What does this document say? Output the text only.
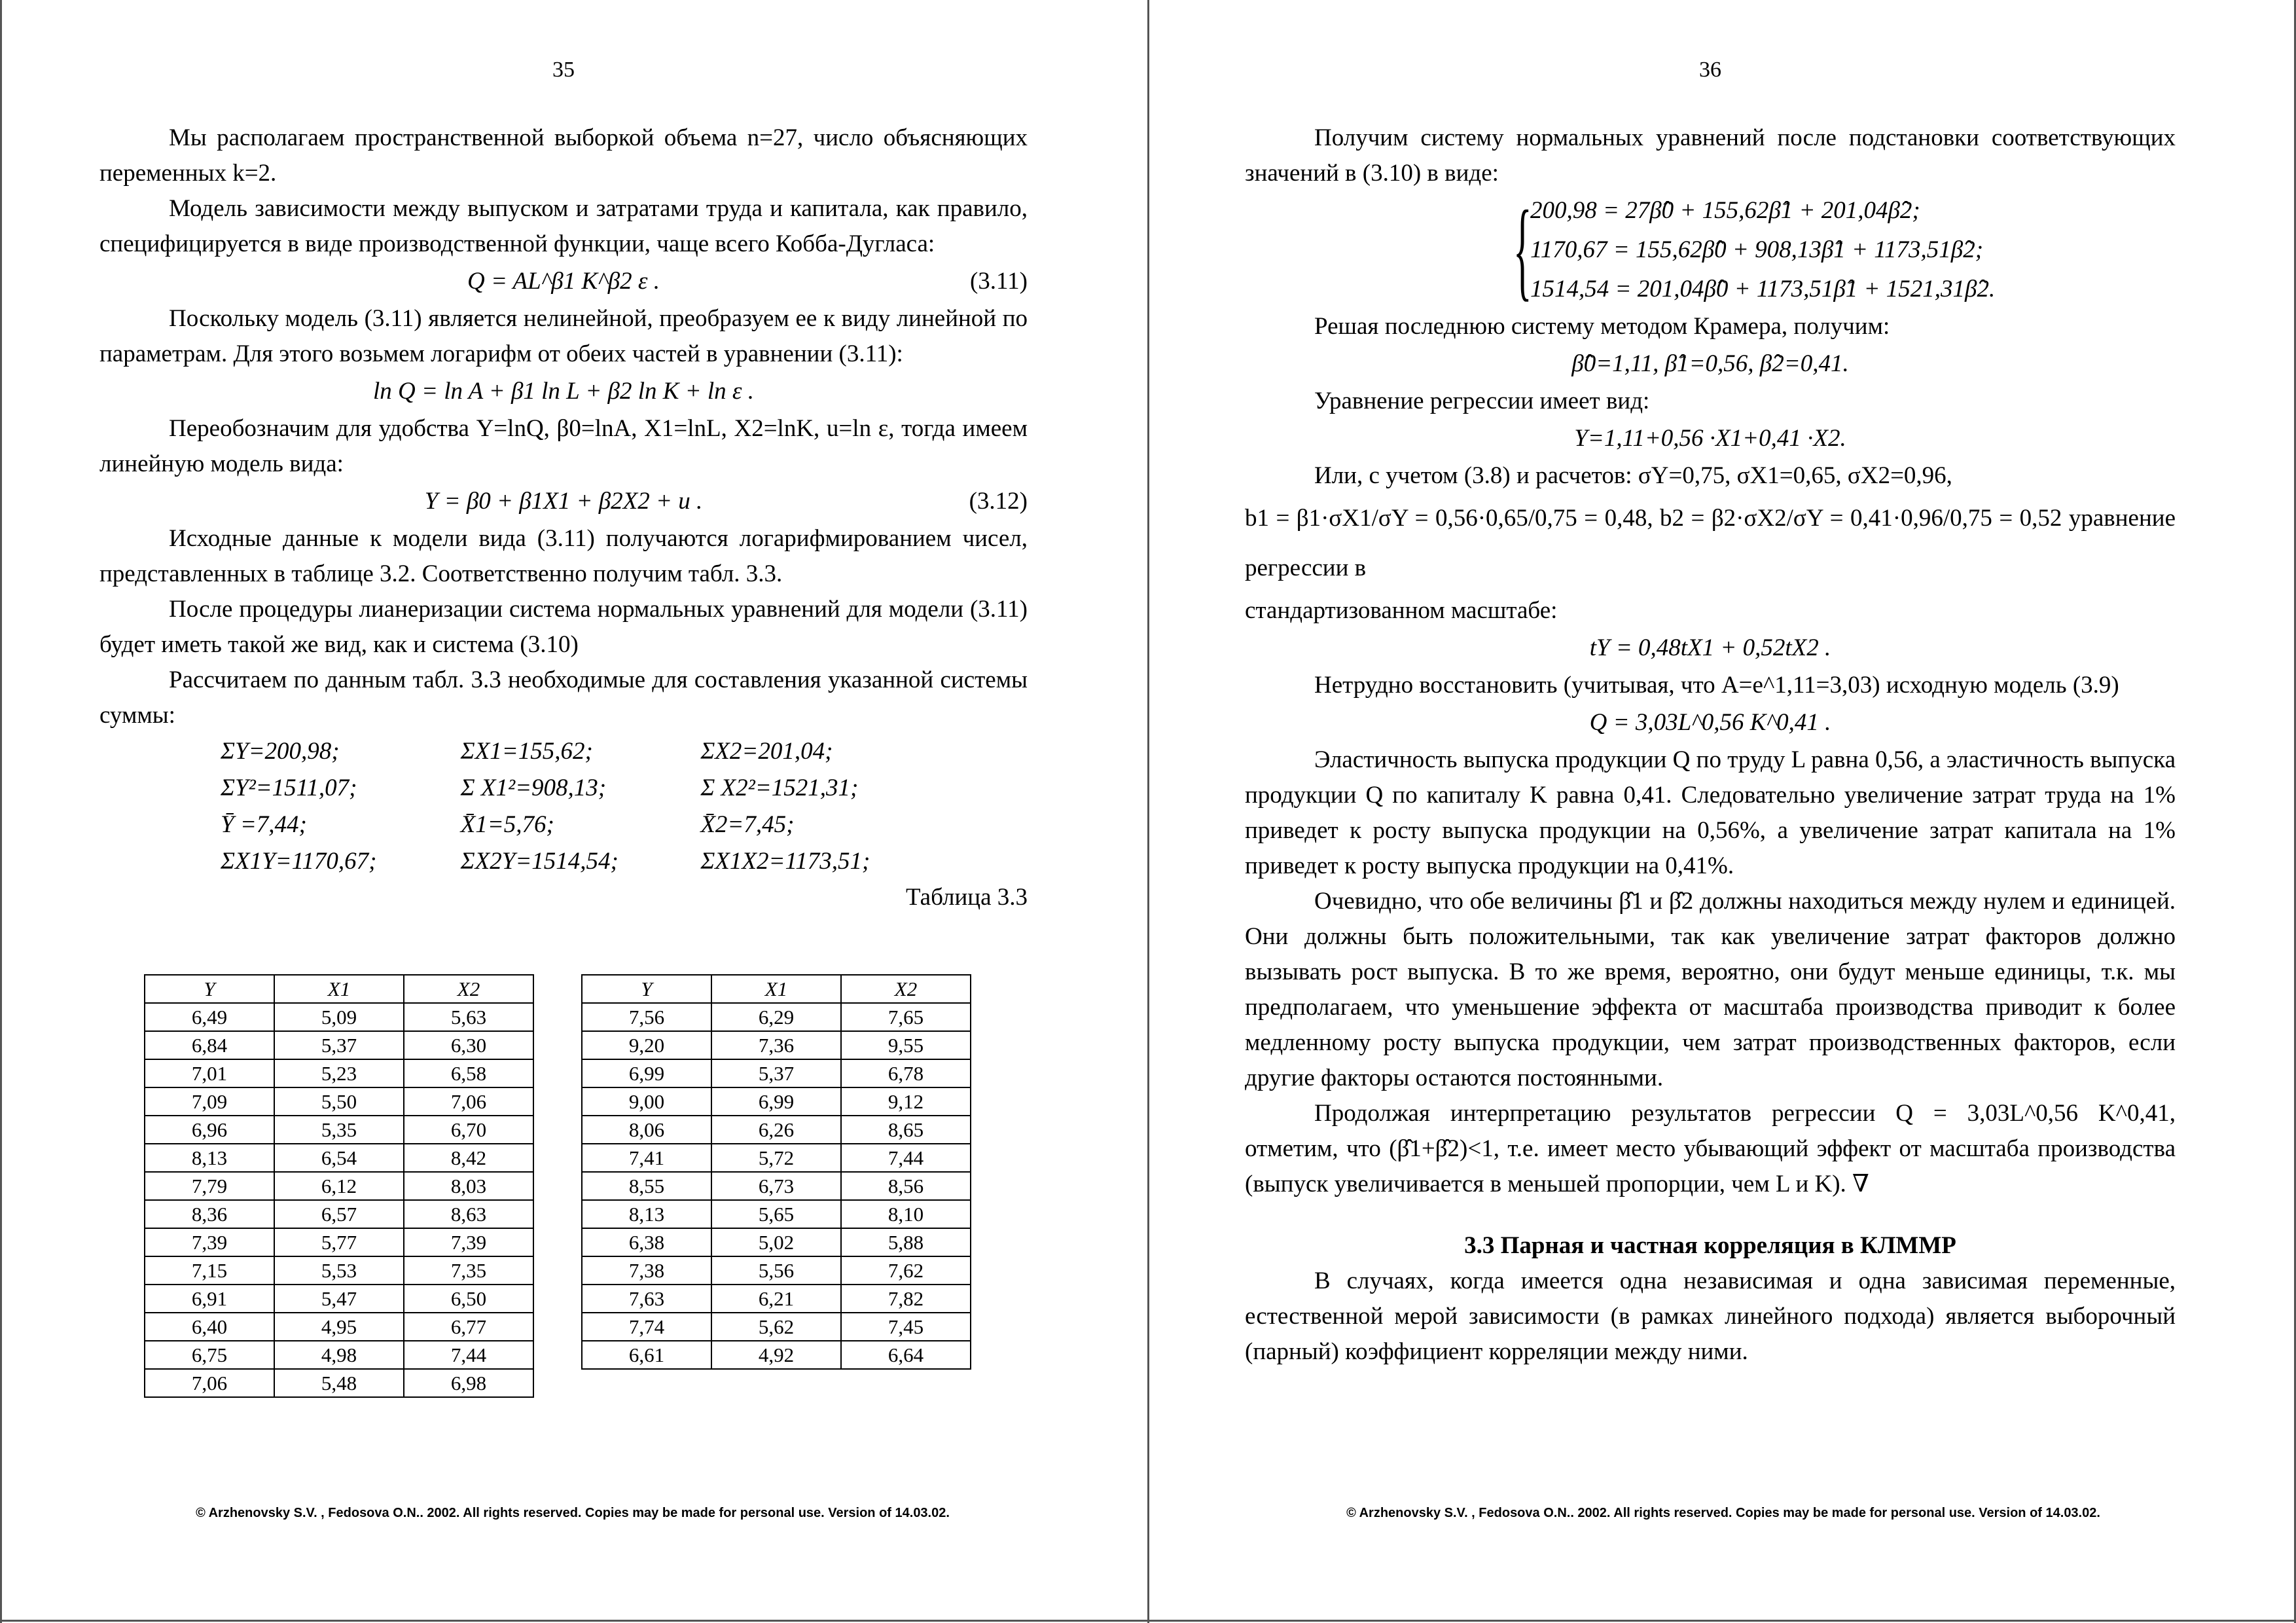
35

Мы располагаем пространственной выборкой объема n=27, число объясняющих переменных k=2.

Модель зависимости между выпуском и затратами труда и капитала, как правило, специфицируется в виде производственной функции, чаще всего Кобба-Дугласа:

Q = AL^β1 K^β2 ε .	(3.11)

Поскольку модель (3.11) является нелинейной, преобразуем ее к виду линейной по параметрам. Для этого возьмем логарифм от обеих частей в уравнении (3.11):

ln Q = ln A + β1 ln L + β2 ln K + ln ε .

Переобозначим для удобства Y=lnQ, β0=lnA, X1=lnL, X2=lnK, u=ln ε, тогда имеем линейную модель вида:

Y = β0 + β1X1 + β2X2 + u .	(3.12)

Исходные данные к модели вида (3.11) получаются логарифмированием чисел, представленных в таблице 3.2. Соответственно получим табл. 3.3.

После процедуры лианеризации система нормальных уравнений для модели (3.11) будет иметь такой же вид, как и система (3.10)

Рассчитаем по данным табл. 3.3 необходимые для составления указанной системы суммы:

ΣY=200,98;	ΣX1=155,62;	ΣX2=201,04;
ΣY²=1511,07;	Σ X1²=908,13;	Σ X2²=1521,31;
Ȳ =7,44;	X̄1=5,76;	X̄2=7,45;
ΣX1Y=1170,67;	ΣX2Y=1514,54;	ΣX1X2=1173,51;
Таблица 3.3
Y	X1	X2
6,49	5,09	5,63
6,84	5,37	6,30
7,01	5,23	6,58
7,09	5,50	7,06
6,96	5,35	6,70
8,13	6,54	8,42
7,79	6,12	8,03
8,36	6,57	8,63
7,39	5,77	7,39
7,15	5,53	7,35
6,91	5,47	6,50
6,40	4,95	6,77
6,75	4,98	7,44
7,06	5,48	6,98
Y	X1	X2
7,56	6,29	7,65
9,20	7,36	9,55
6,99	5,37	6,78
9,00	6,99	9,12
8,06	6,26	8,65
7,41	5,72	7,44
8,55	6,73	8,56
8,13	5,65	8,10
6,38	5,02	5,88
7,38	5,56	7,62
7,63	6,21	7,82
7,74	5,62	7,45
6,61	4,92	6,64
© Arzhenovsky S.V. , Fedosova O.N.. 2002. All rights reserved. Copies may be made for personal use. Version of 14.03.02.
36

Получим систему нормальных уравнений после подстановки соответствующих значений в (3.10) в виде:

{
200,98 = 27β̂0 + 155,62β̂1 + 201,04β̂2;
1170,67 = 155,62β̂0 + 908,13β̂1 + 1173,51β̂2;
1514,54 = 201,04β̂0 + 1173,51β̂1 + 1521,31β̂2.

Решая последнюю систему методом Крамера, получим:

β̂0=1,11, β̂1=0,56, β̂2=0,41.

Уравнение регрессии имеет вид:

Y=1,11+0,56 ·X1+0,41 ·X2.

Или, с учетом (3.8) и расчетов: σY=0,75, σX1=0,65, σX2=0,96,

b1 = β1·σX1/σY = 0,56·0,65/0,75 = 0,48, b2 = β2·σX2/σY = 0,41·0,96/0,75 = 0,52 уравнение регрессии в

стандартизованном масштабе:

tY = 0,48tX1 + 0,52tX2 .

Нетрудно восстановить (учитывая, что A=e^1,11=3,03) исходную модель (3.9)

Q = 3,03L^0,56 K^0,41 .

Эластичность выпуска продукции Q по труду L равна 0,56, а эластичность выпуска продукции Q по капиталу K равна 0,41. Следовательно увеличение затрат труда на 1% приведет к росту выпуска продукции на 0,56%, а увеличение затрат капитала на 1% приведет к росту выпуска продукции на 0,41%.

Очевидно, что обе величины β̂1 и β̂2 должны находиться между нулем и единицей. Они должны быть положительными, так как увеличение затрат факторов должно вызывать рост выпуска. В то же время, вероятно, они будут меньше единицы, т.к. мы предполагаем, что уменьшение эффекта от масштаба производства приводит к более медленному росту выпуска продукции, чем затрат производственных факторов, если другие факторы остаются постоянными.

Продолжая интерпретацию результатов регрессии Q = 3,03L^0,56 K^0,41, отметим, что (β̂1+β̂2)<1, т.е. имеет место убывающий эффект от масштаба производства (выпуск увеличивается в меньшей пропорции, чем L и K). ∇

3.3 Парная и частная корреляция в КЛММР

В случаях, когда имеется одна независимая и одна зависимая переменные, естественной мерой зависимости (в рамках линейного подхода) является выборочный (парный) коэффициент корреляции между ними.

© Arzhenovsky S.V. , Fedosova O.N.. 2002. All rights reserved. Copies may be made for personal use. Version of 14.03.02.
